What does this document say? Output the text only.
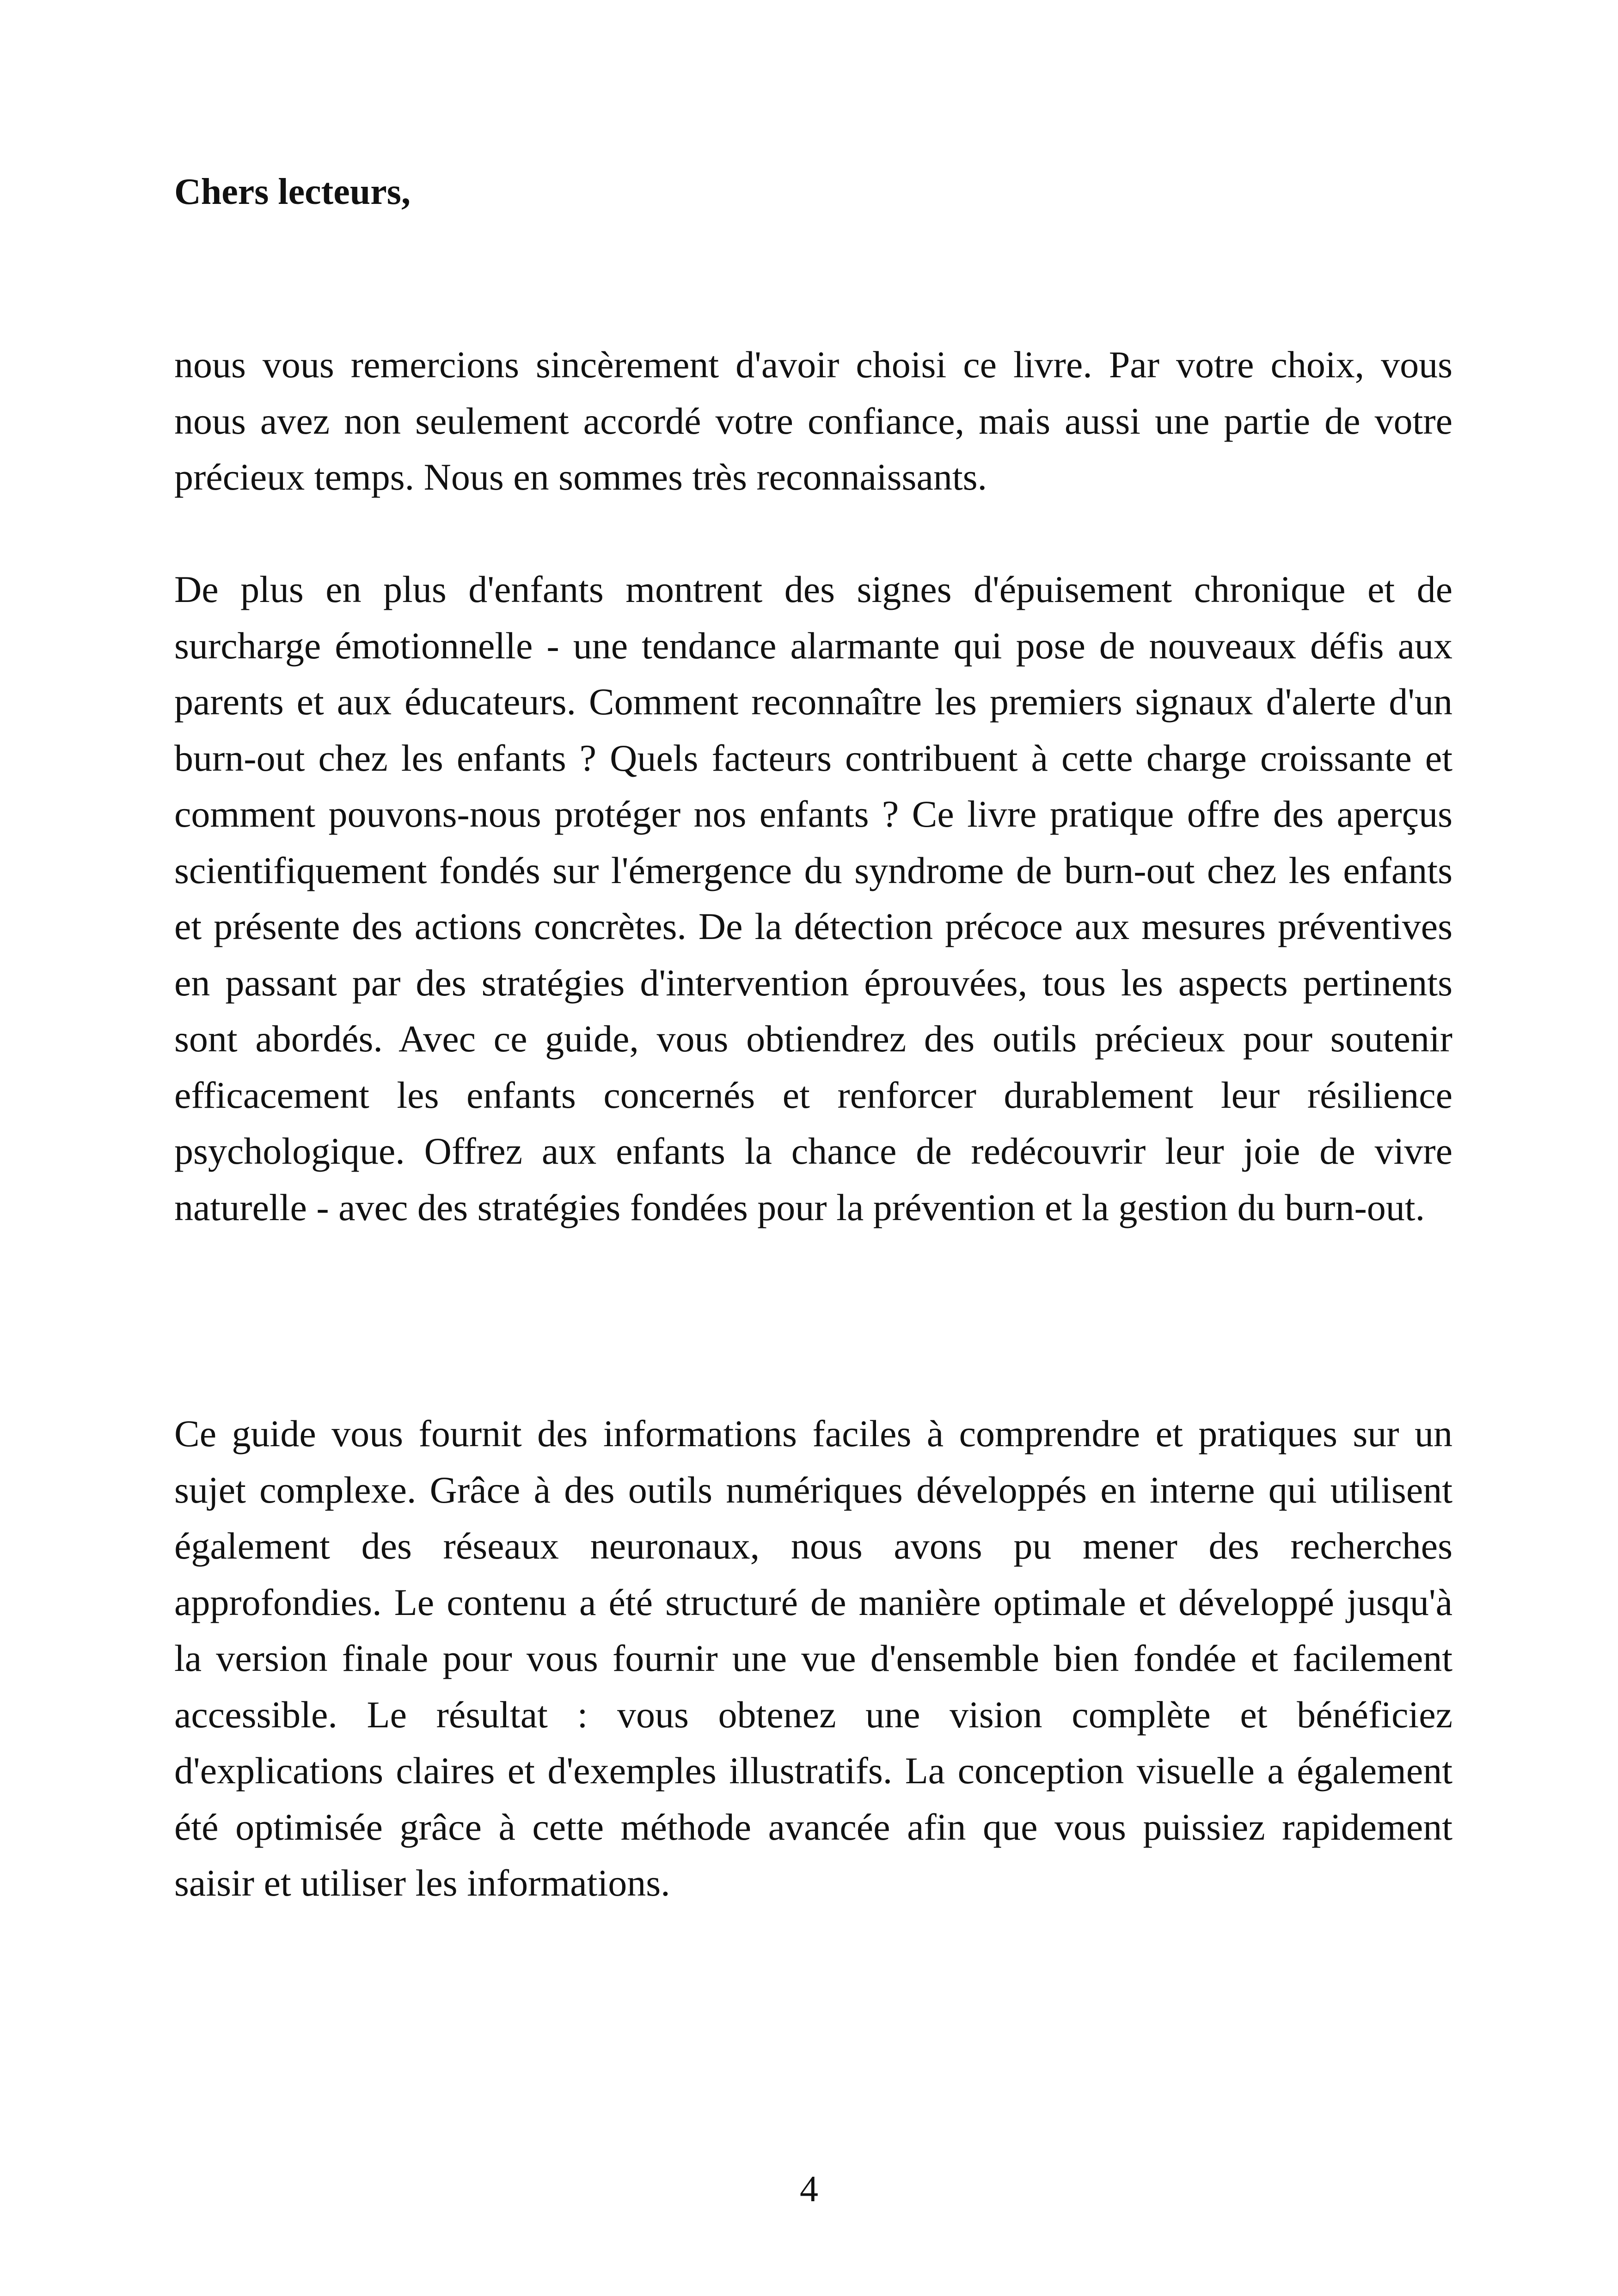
Chers lecteurs,

nous vous remercions sincèrement d'avoir choisi ce livre. Par votre choix, vous nous avez non seulement accordé votre confiance, mais aussi une partie de votre précieux temps. Nous en sommes très reconnaissants.

De plus en plus d'enfants montrent des signes d'épuisement chronique et de surcharge émotionnelle - une tendance alarmante qui pose de nouveaux défis aux parents et aux éducateurs. Comment reconnaître les premiers signaux d'alerte d'un burn-out chez les enfants ? Quels facteurs contribuent à cette charge croissante et comment pouvons-nous protéger nos enfants ? Ce livre pratique offre des aperçus scientifiquement fondés sur l'émergence du syndrome de burn-out chez les enfants et présente des actions concrètes. De la détection précoce aux mesures préventives en passant par des stratégies d'intervention éprouvées, tous les aspects pertinents sont abordés. Avec ce guide, vous obtiendrez des outils précieux pour soutenir efficacement les enfants concernés et renforcer durablement leur résilience psychologique. Offrez aux enfants la chance de redécouvrir leur joie de vivre naturelle - avec des stratégies fondées pour la prévention et la gestion du burn-out.

Ce guide vous fournit des informations faciles à comprendre et pratiques sur un sujet complexe. Grâce à des outils numériques développés en interne qui utilisent également des réseaux neuronaux, nous avons pu mener des recherches approfondies. Le contenu a été structuré de manière optimale et développé jusqu'à la version finale pour vous fournir une vue d'ensemble bien fondée et facilement accessible. Le résultat : vous obtenez une vision complète et bénéficiez d'explications claires et d'exemples illustratifs. La conception visuelle a également été optimisée grâce à cette méthode avancée afin que vous puissiez rapidement saisir et utiliser les informations.

4
